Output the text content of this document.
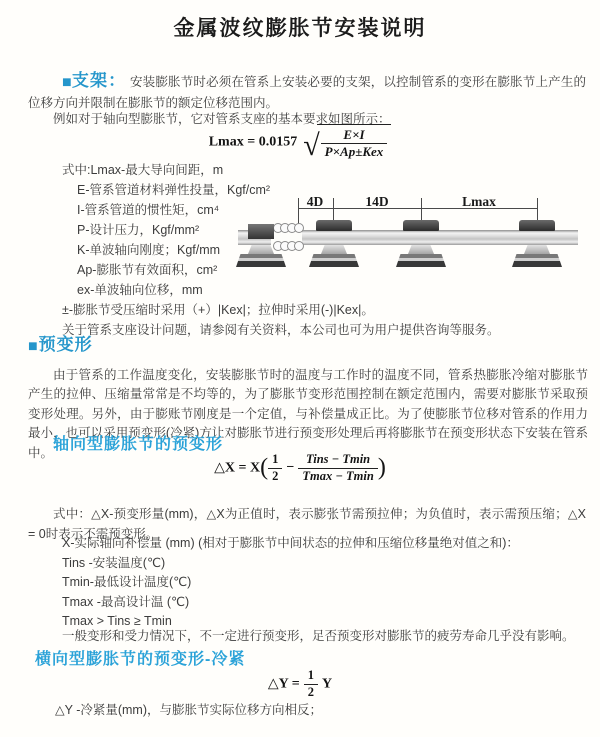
金属波纹膨胀节安装说明

■支架： 安装膨胀节时必须在管系上安装必要的支架，以控制管系的变形在膨胀节上产生的位移方向并限制在膨胀节的额定位移范围内。

例如对于轴向型膨胀节，它对管系支座的基本要求如图所示：

Lmax = 0.0157 √ $\frac{E\times I}{\text{P×Ap±Kex}}$
式中:Lmax-最大导向间距，m
E-管系管道材料弹性投量，Kgf/cm²
I-管系管道的惯性矩，cm⁴
P-设计压力，Kgf/mm²
K-单波轴向刚度；Kgf/mm
Ap-膨胀节有效面积，cm²
ex-单波轴向位移，mm
±-膨胀节受压缩时采用（+）|Kex|；拉伸时采用(-)|Kex|。
关于管系支座设计问题，请参阅有关资料，本公司也可为用户提供咨询等服务。
4D	14D	Lmax
■预变形

由于管系的工作温度变化，安装膨胀节时的温度与工作时的温度不同，管系热膨胀冷缩对膨胀节产生的拉伸、压缩量常常是不均等的，为了膨胀节变形范围控制在额定范围内，需要对膨胀节采取预变形处理。另外，由于膨账节刚度是一个定值，与补偿量成正比。为了使膨胀节位移对管系的作用力最小，也可以采用预变形(冷紧)方让对膨胀节进行预变形处理后再将膨胀节在预变形状态下安装在管系中。 轴向型膨胀节的预变形
△X = $X( \frac{1}{2} - \frac{\text{Tins − Tmin}}{Tmax - Tmin}$ )

式中：△X-预变形量(mm)，△X为正值时，表示膨张节需预拉伸；为负值时，表示需预压缩；△X = 0时表示不需预变形。

X-实际轴向补偿量 (mm) (相对于膨胀节中间状态的拉伸和压缩位移量绝对值之和)：
Tins -安装温度(℃)
Tmin-最低设计温度(℃)
Tmax -最高设计温 (℃)
Tmax > Tins ≥ Tmin
一般变形和受力情况下，不一定进行预变形，足否预变形对膨胀节的疲劳寿命几乎没有影响。
横向型膨胀节的预变形-冷紧
△Y = $\frac{1}{2}$ Y
△Y -冷紧量(mm)，与膨胀节实际位移方向相反；
